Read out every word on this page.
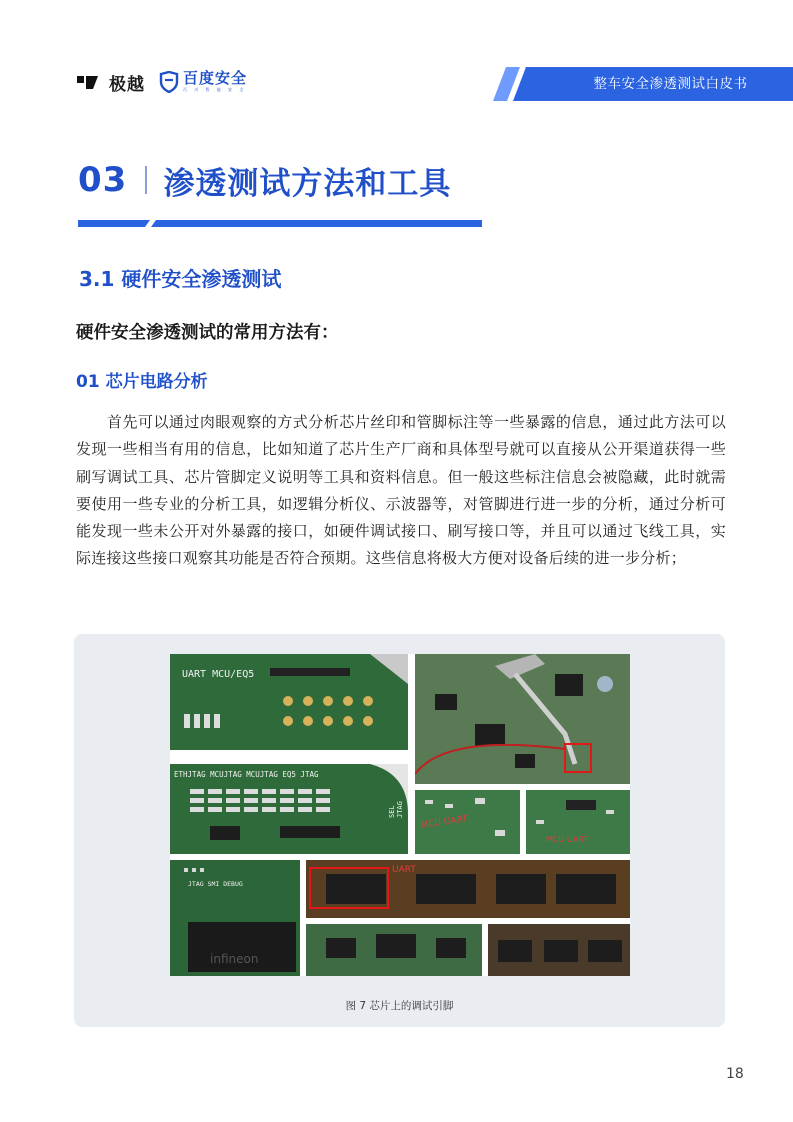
极越	百度安全
百 川 智 能 安 全	整车安全渗透测试白皮书
03 渗透测试方法和工具
3.1 硬件安全渗透测试
硬件安全渗透测试的常用方法有：
01 芯片电路分析

首先可以通过肉眼观察的方式分析芯片丝印和管脚标注等一些暴露的信息，通过此方法可以发现一些相当有用的信息，比如知道了芯片生产厂商和具体型号就可以直接从公开渠道获得一些刷写调试工具、芯片管脚定义说明等工具和资料信息。但一般这些标注信息会被隐藏，此时就需要使用一些专业的分析工具，如逻辑分析仪、示波器等，对管脚进行进一步的分析，通过分析可能发现一些未公开对外暴露的接口，如硬件调试接口、刷写接口等，并且可以通过飞线工具，实际连接这些接口观察其功能是否符合预期。这些信息将极大方便对设备后续的进一步分析；

UART MCU/EQ5
ETHJTAG MCUJTAG MCUJTAG EQ5 JTAG
SEL JTAG
MCU UART
MCU UART
JTAG SMI DEBUG
infineon
UART
图 7 芯片上的调试引脚
18
